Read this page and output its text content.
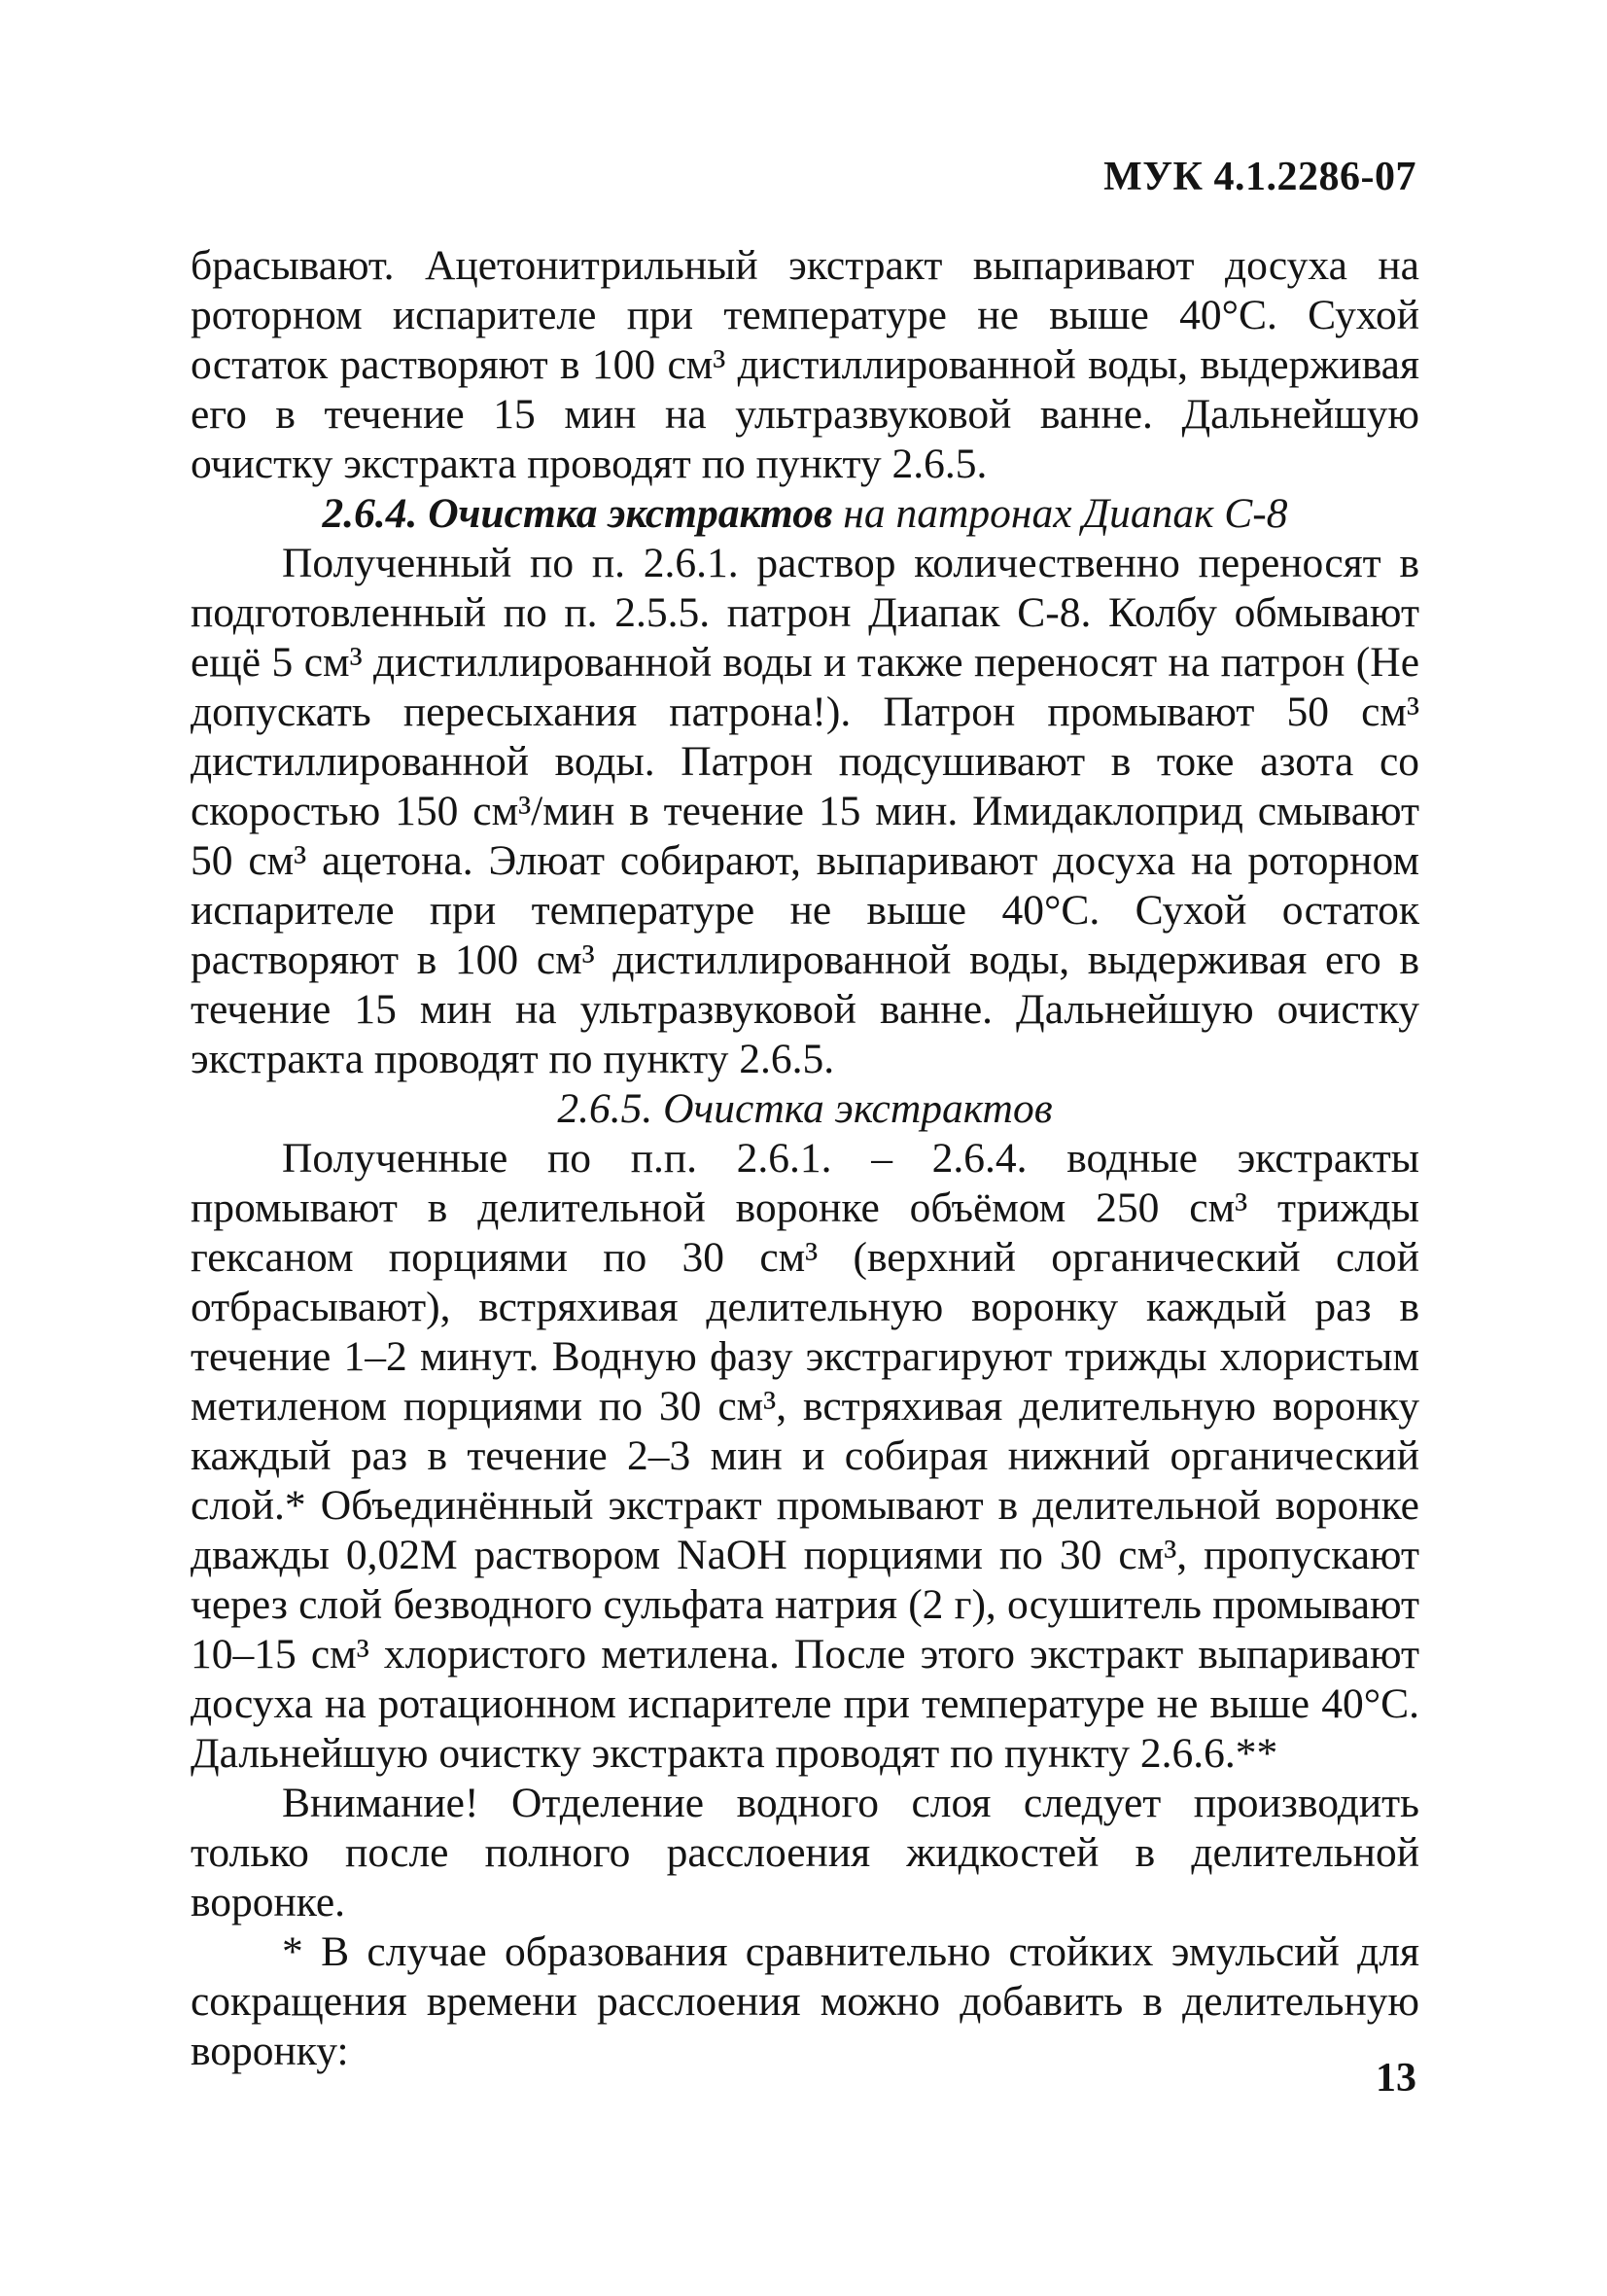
МУК 4.1.2286-07

брасывают. Ацетонитрильный экстракт выпаривают досуха на роторном испарителе при температуре не выше 40°С. Сухой остаток растворяют в 100 см³ дистиллированной воды, выдерживая его в течение 15 мин на ультразвуковой ванне. Дальнейшую очистку экстракта проводят по пункту 2.6.5.

2.6.4. Очистка экстрактов на патронах Диапак С-8

Полученный по п. 2.6.1. раствор количественно переносят в подготовленный по п. 2.5.5. патрон Диапак С-8. Колбу обмывают ещё 5 см³ дистиллированной воды и также переносят на патрон (Не допускать пересыхания патрона!). Патрон промывают 50 см³ дистиллированной воды. Патрон подсушивают в токе азота со скоростью 150 см³/мин в течение 15 мин. Имидаклоприд смывают 50 см³ ацетона. Элюат собирают, выпаривают досуха на роторном испарителе при температуре не выше 40°С. Сухой остаток растворяют в 100 см³ дистиллированной воды, выдерживая его в течение 15 мин на ультразвуковой ванне. Дальнейшую очистку экстракта проводят по пункту 2.6.5.

2.6.5. Очистка экстрактов

Полученные по п.п. 2.6.1. – 2.6.4. водные экстракты промывают в делительной воронке объёмом 250 см³ трижды гексаном порциями по 30 см³ (верхний органический слой отбрасывают), встряхивая делительную воронку каждый раз в течение 1–2 минут. Водную фазу экстрагируют трижды хлористым метиленом порциями по 30 см³, встряхивая делительную воронку каждый раз в течение 2–3 мин и собирая нижний органический слой.* Объединённый экстракт промывают в делительной воронке дважды 0,02М раствором NaOH порциями по 30 см³, пропускают через слой безводного сульфата натрия (2 г), осушитель промывают 10–15 см³ хлористого метилена. После этого экстракт выпаривают досуха на ротационном испарителе при температуре не выше 40°С. Дальнейшую очистку экстракта проводят по пункту 2.6.6.**

Внимание! Отделение водного слоя следует производить только после полного расслоения жидкостей в делительной воронке.

* В случае образования сравнительно стойких эмульсий для сокращения времени расслоения можно добавить в делительную воронку:

13
